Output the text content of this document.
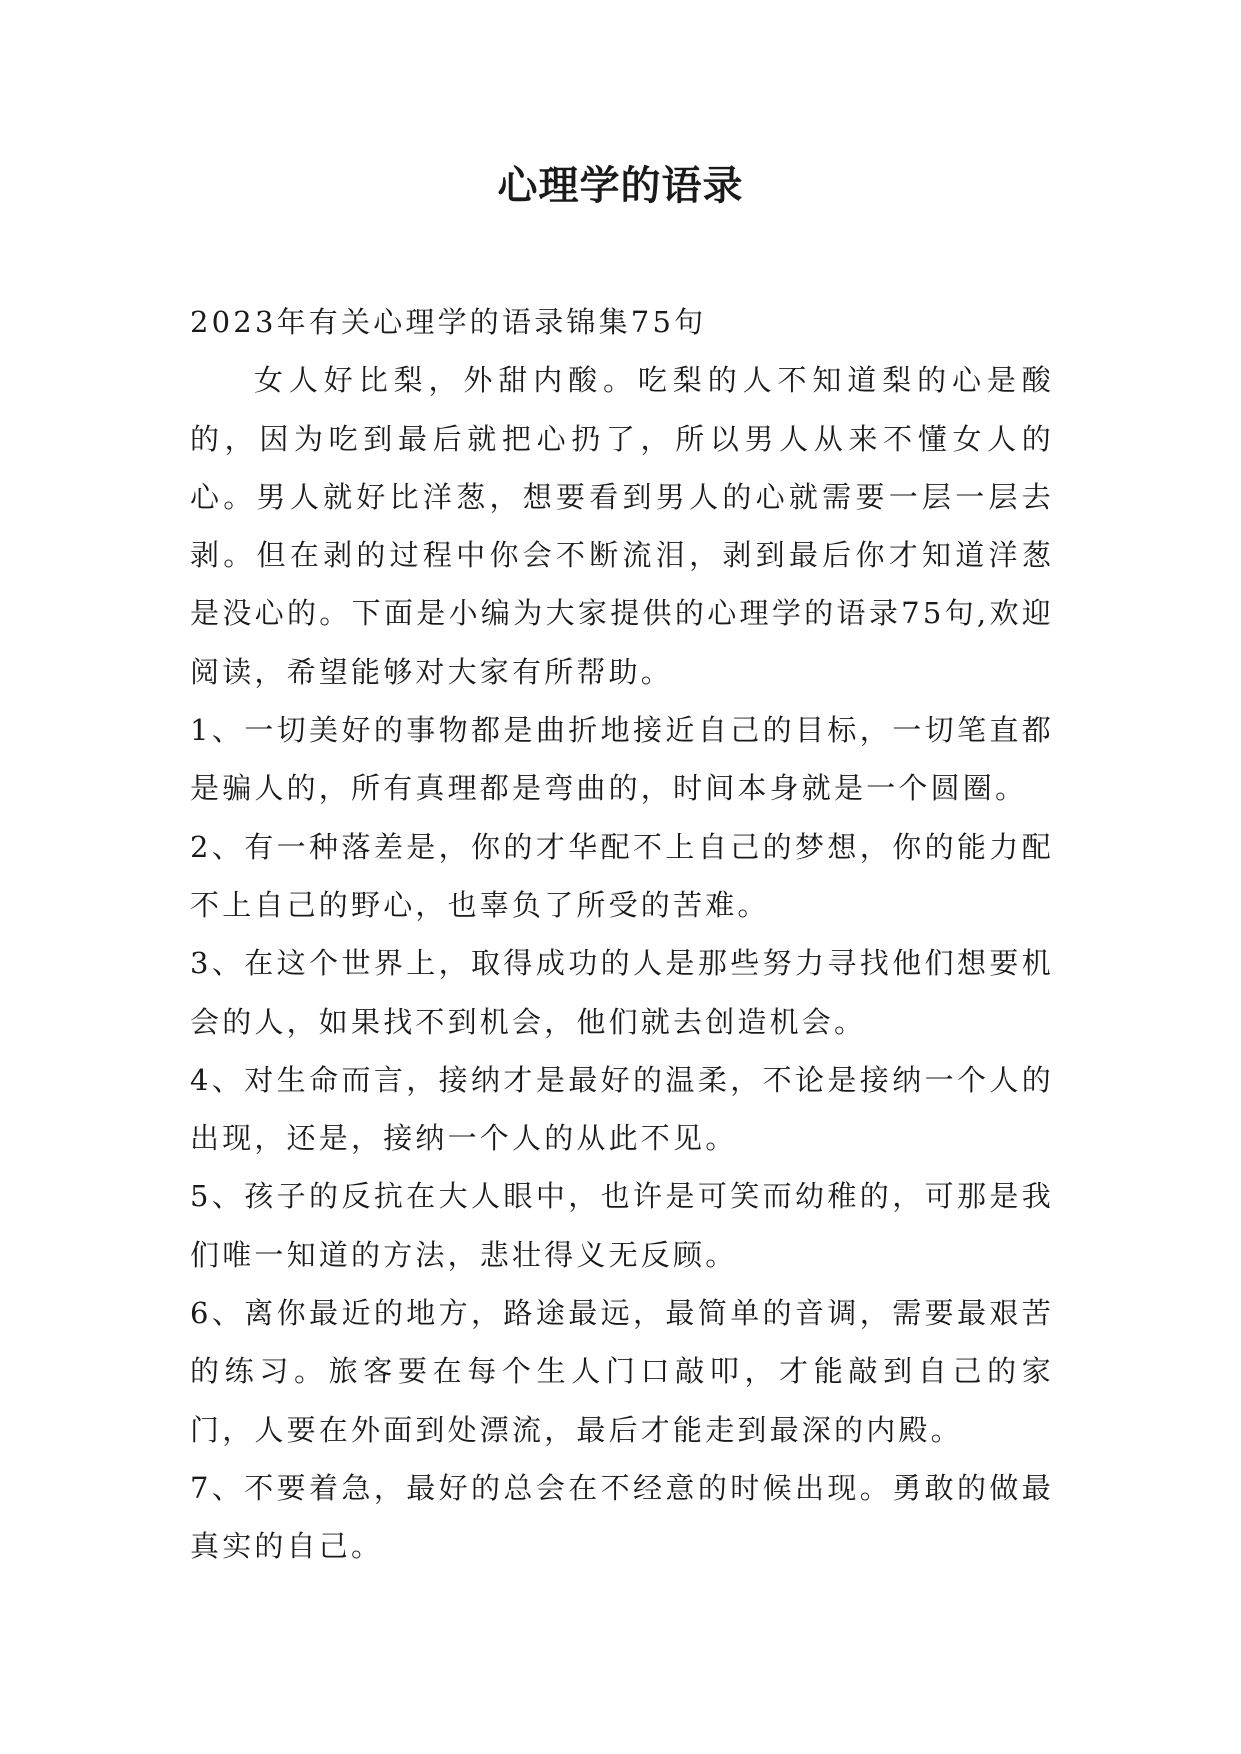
心理学的语录

2023年有关心理学的语录锦集75句

女人好比梨，外甜内酸。吃梨的人不知道梨的心是酸的，因为吃到最后就把心扔了，所以男人从来不懂女人的心。男人就好比洋葱，想要看到男人的心就需要一层一层去剥。但在剥的过程中你会不断流泪，剥到最后你才知道洋葱是没心的。下面是小编为大家提供的心理学的语录75句,欢迎阅读，希望能够对大家有所帮助。

1、一切美好的事物都是曲折地接近自己的目标，一切笔直都是骗人的，所有真理都是弯曲的，时间本身就是一个圆圈。

2、有一种落差是，你的才华配不上自己的梦想，你的能力配不上自己的野心，也辜负了所受的苦难。

3、在这个世界上，取得成功的人是那些努力寻找他们想要机会的人，如果找不到机会，他们就去创造机会。

4、对生命而言，接纳才是最好的温柔，不论是接纳一个人的出现，还是，接纳一个人的从此不见。

5、孩子的反抗在大人眼中，也许是可笑而幼稚的，可那是我们唯一知道的方法，悲壮得义无反顾。

6、离你最近的地方，路途最远，最简单的音调，需要最艰苦的练习。旅客要在每个生人门口敲叩，才能敲到自己的家门，人要在外面到处漂流，最后才能走到最深的内殿。

7、不要着急，最好的总会在不经意的时候出现。勇敢的做最真实的自己。
